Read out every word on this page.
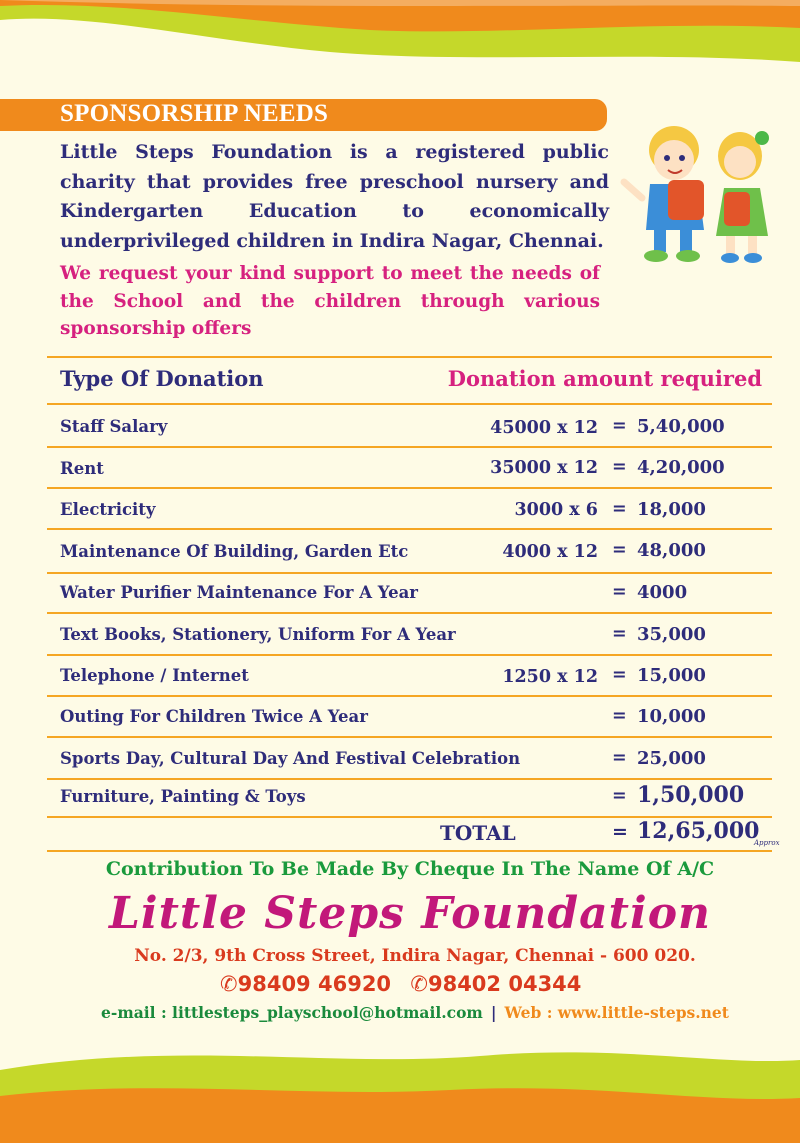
SPONSORSHIP NEEDS
Little Steps Foundation is a registered public charity that provides free preschool nursery and Kindergarten Education to economically underprivileged children in Indira Nagar, Chennai.
We request your kind support to meet the needs of the School and the children through various sponsorship offers
Type Of Donation	Donation amount required
Staff Salary	45000 x 12 = 5,40,000
Rent	35000 x 12 = 4,20,000
Electricity	3000 x 6 = 18,000
Maintenance Of Building, Garden Etc	4000 x 12 = 48,000
Water Purifier Maintenance For A Year	= 4000
Text Books, Stationery, Uniform For A Year	= 35,000
Telephone / Internet	1250 x 12 = 15,000
Outing For Children Twice A Year	= 10,000
Sports Day, Cultural Day And Festival Celebration	= 25,000
Furniture, Painting & Toys	= 1,50,000
TOTAL	= 12,65,000
Approx
Contribution To Be Made By Cheque In The Name Of A/C
Little Steps Foundation
No. 2/3, 9th Cross Street, Indira Nagar, Chennai - 600 020.
✆98409 46920 ✆98402 04344
e-mail : littlesteps_playschool@hotmail.com | Web : www.little-steps.net
